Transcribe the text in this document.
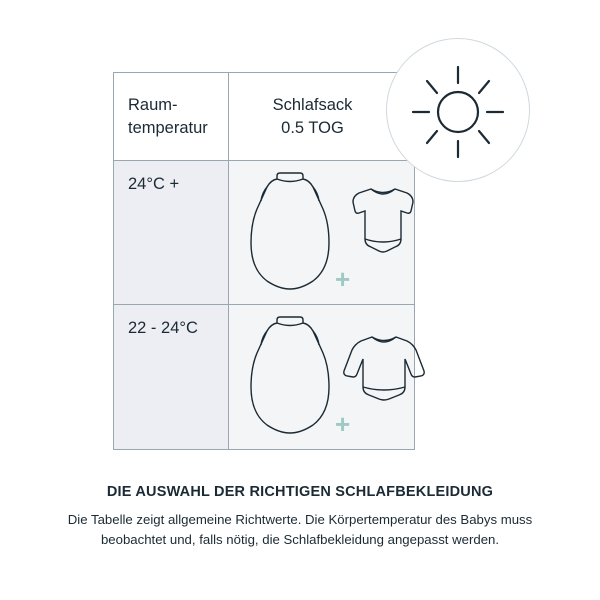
Raum-
temperatur
Schlafsack
0.5 TOG
24°C +
+
22 - 24°C
+
DIE AUSWAHL DER RICHTIGEN SCHLAFBEKLEIDUNG
Die Tabelle zeigt allgemeine Richtwerte. Die Körpertemperatur des Babys muss beobachtet und, falls nötig, die Schlafbekleidung angepasst werden.
